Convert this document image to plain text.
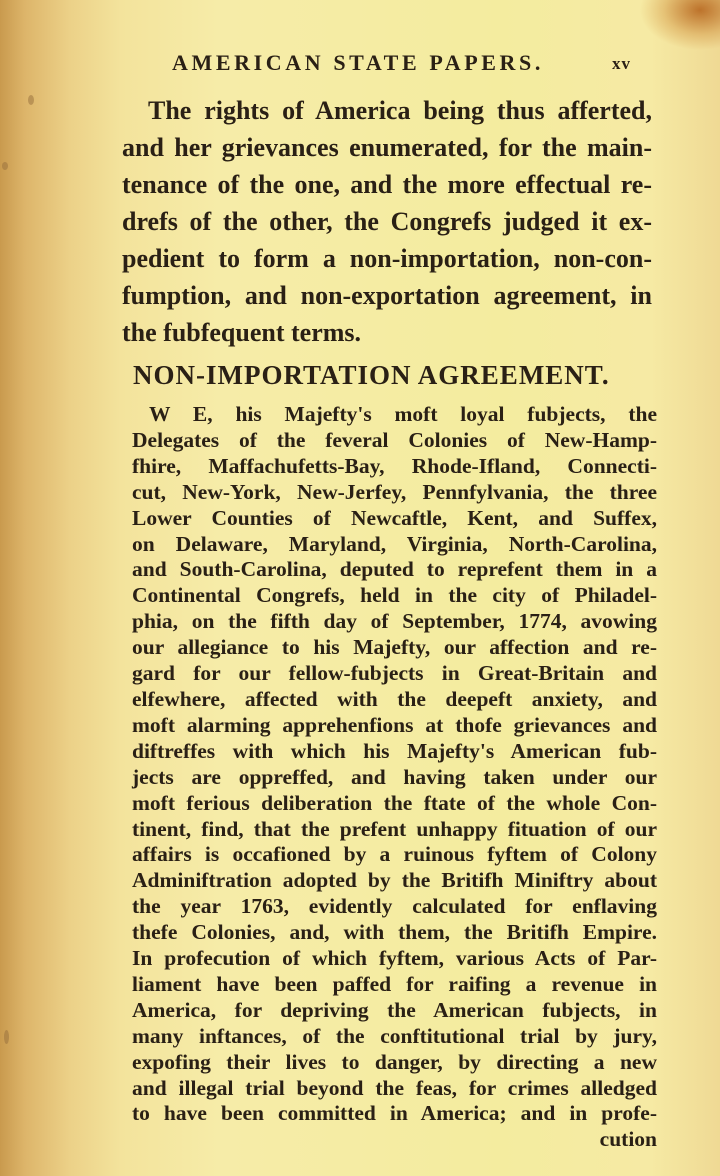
AMERICAN STATE PAPERS.	xv
The rights of America being thus afferted,
and her grievances enumerated, for the main-
tenance of the one, and the more effectual re-
drefs of the other, the Congrefs judged it ex-
pedient to form a non-importation, non-con-
fumption, and non-exportation agreement, in
the fubfequent terms.
NON-IMPORTATION AGREEMENT.
W E, his Majefty's moft loyal fubjects, the
Delegates of the feveral Colonies of New-Hamp-
fhire, Maffachufetts-Bay, Rhode-Ifland, Connecti-
cut, New-York, New-Jerfey, Pennfylvania, the three
Lower Counties of Newcaftle, Kent, and Suffex,
on Delaware, Maryland, Virginia, North-Carolina,
and South-Carolina, deputed to reprefent them in a
Continental Congrefs, held in the city of Philadel-
phia, on the fifth day of September, 1774, avowing
our allegiance to his Majefty, our affection and re-
gard for our fellow-fubjects in Great-Britain and
elfewhere, affected with the deepeft anxiety, and
moft alarming apprehenfions at thofe grievances and
diftreffes with which his Majefty's American fub-
jects are oppreffed, and having taken under our
moft ferious deliberation the ftate of the whole Con-
tinent, find, that the prefent unhappy fituation of our
affairs is occafioned by a ruinous fyftem of Colony
Adminiftration adopted by the Britifh Miniftry about
the year 1763, evidently calculated for enflaving
thefe Colonies, and, with them, the Britifh Empire.
In profecution of which fyftem, various Acts of Par-
liament have been paffed for raifing a revenue in
America, for depriving the American fubjects, in
many inftances, of the conftitutional trial by jury,
expofing their lives to danger, by directing a new
and illegal trial beyond the feas, for crimes alledged
to have been committed in America; and in profe-
cution
